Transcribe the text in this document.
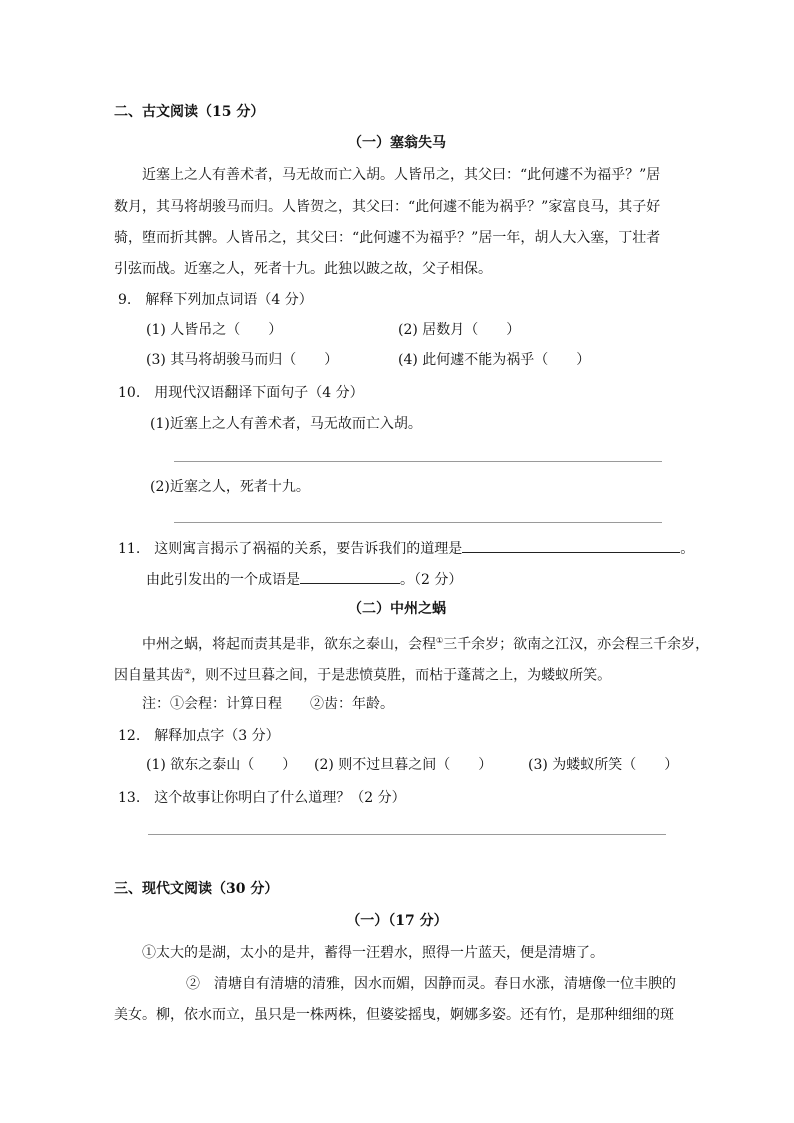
二、古文阅读（15 分）
（一）塞翁失马
近塞上之人有善术者，马无故而亡入胡。人皆吊之，其父曰：“此何遽不为福乎？”居
数月，其马将胡骏马而归。人皆贺之，其父曰：“此何遽不能为祸乎？”家富良马，其子好
骑，堕而折其髀。人皆吊之，其父曰：“此何遽不为福乎？”居一年，胡人大入塞，丁壮者
引弦而战。近塞之人，死者十九。此独以跛之故，父子相保。
9.　解释下列加点词语（4 分）
(1) 人皆吊之（　　）	(2) 居数月（　　）
(3) 其马将胡骏马而归（　　）	(4) 此何遽不能为祸乎（　　）
10.　用现代汉语翻译下面句子（4 分）
(1)近塞上之人有善术者，马无故而亡入胡。
(2)近塞之人，死者十九。
11.　这则寓言揭示了祸福的关系，要告诉我们的道理是	。
由此引发出的一个成语是	。（2 分）
（二）中州之蜗
中州之蜗，将起而责其是非，欲东之泰山，会程①三千余岁；欲南之江汉，亦会程三千余岁，
因自量其齿②，则不过旦暮之间，于是悲愤莫胜，而枯于蓬蒿之上，为蝼蚁所笑。
注：①会程：计算日程　　②齿：年龄。
12.　解释加点字（3 分）
(1) 欲东之泰山（　　） (2) 则不过旦暮之间（　　）	(3) 为蝼蚁所笑（　　）
13.　这个故事让你明白了什么道理？（2 分）
三、现代文阅读（30 分）
（一）（17 分）
①太大的是湖，太小的是井，蓄得一汪碧水，照得一片蓝天，便是清塘了。
②　清塘自有清塘的清雅，因水而媚，因静而灵。春日水涨，清塘像一位丰腴的
美女。柳，依水而立，虽只是一株两株，但婆娑摇曳，婀娜多姿。还有竹，是那种细细的斑
